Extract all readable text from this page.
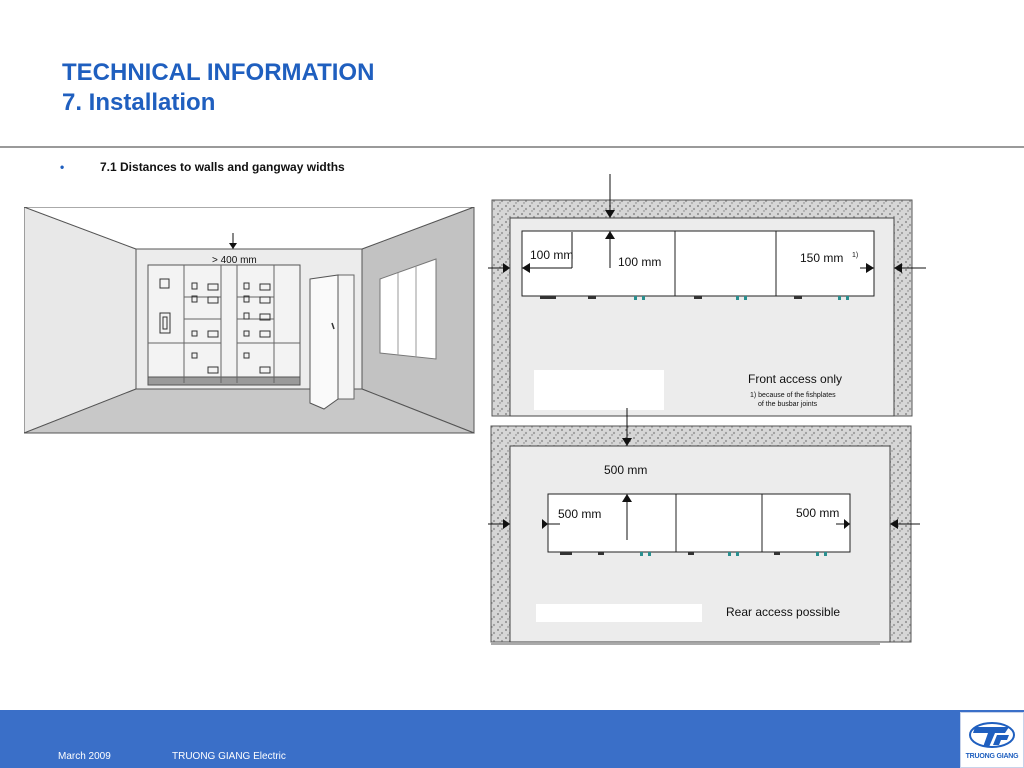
TECHNICAL INFORMATION
7. Installation
•	7.1 Distances to walls and gangway widths
> 400 mm	100 mm	100 mm	150 mm 1)
Front access only
1) because of the fishplates
of the busbar joints
500 mm
500 mm	500 mm
Rear access possible
March 2009	TRUONG GIANG Electric	TRUONG GIANG
